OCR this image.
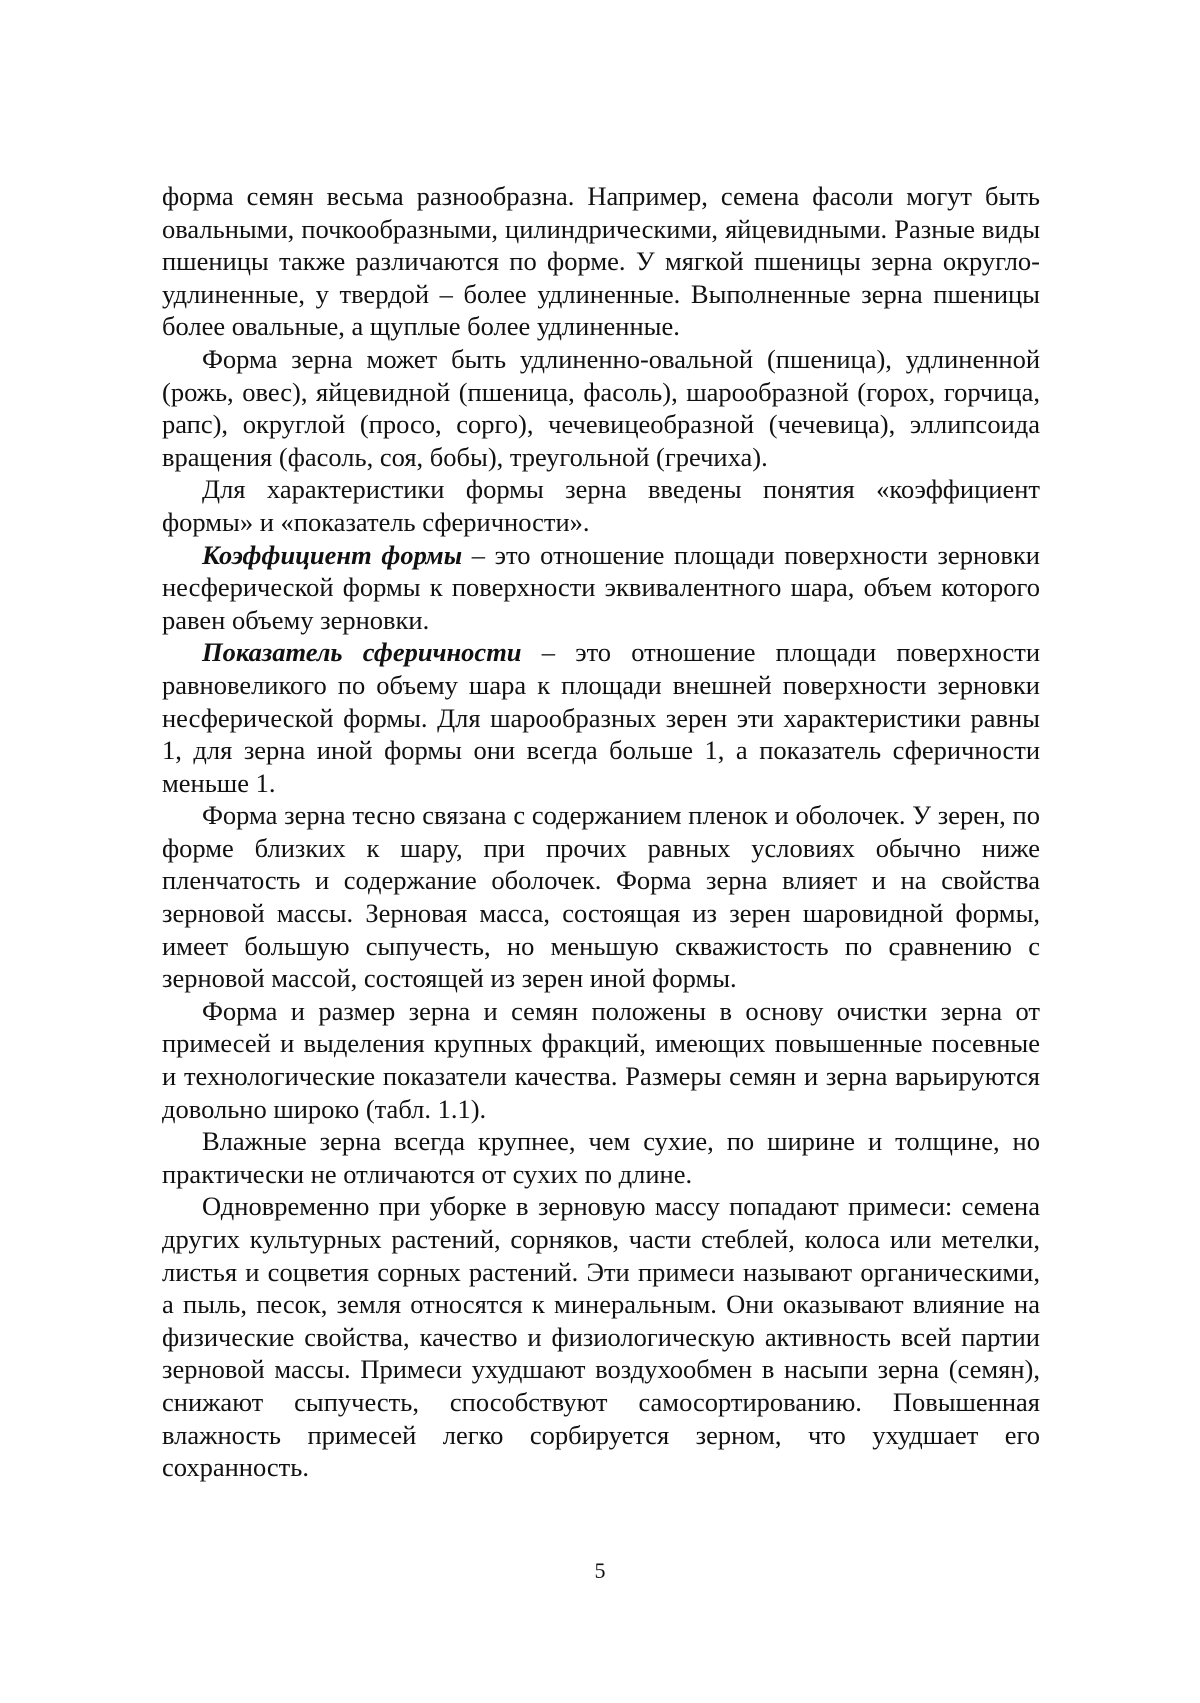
форма семян весьма разнообразна. Например, семена фасоли могут быть овальными, почкообразными, цилиндрическими, яйцевидными. Разные виды пшеницы также различаются по форме. У мягкой пшеницы зерна округло-удлиненные, у твердой – более удлиненные. Выполненные зерна пшеницы более овальные, а щуплые более удлиненные.

Форма зерна может быть удлиненно-овальной (пшеница), удлиненной (рожь, овес), яйцевидной (пшеница, фасоль), шарообразной (горох, горчица, рапс), округлой (просо, сорго), чечевицеобразной (чечевица), эллипсоида вращения (фасоль, соя, бобы), треугольной (гречиха).

Для характеристики формы зерна введены понятия «коэффициент формы» и «показатель сферичности».

Коэффициент формы – это отношение площади поверхности зерновки несферической формы к поверхности эквивалентного шара, объем которого равен объему зерновки.

Показатель сферичности – это отношение площади поверхности равновеликого по объему шара к площади внешней поверхности зерновки несферической формы. Для шарообразных зерен эти характеристики равны 1, для зерна иной формы они всегда больше 1, а показатель сферичности меньше 1.

Форма зерна тесно связана с содержанием пленок и оболочек. У зерен, по форме близких к шару, при прочих равных условиях обычно ниже пленчатость и содержание оболочек. Форма зерна влияет и на свойства зерновой массы. Зерновая масса, состоящая из зерен шаровидной формы, имеет большую сыпучесть, но меньшую скважистость по сравнению с зерновой массой, состоящей из зерен иной формы.

Форма и размер зерна и семян положены в основу очистки зерна от примесей и выделения крупных фракций, имеющих повышенные посевные и технологические показатели качества. Размеры семян и зерна варьируются довольно широко (табл. 1.1).

Влажные зерна всегда крупнее, чем сухие, по ширине и толщине, но практически не отличаются от сухих по длине.

Одновременно при уборке в зерновую массу попадают примеси: семена других культурных растений, сорняков, части стеблей, колоса или метелки, листья и соцветия сорных растений. Эти примеси называют органическими, а пыль, песок, земля относятся к минеральным. Они оказывают влияние на физические свойства, качество и физиологическую активность всей партии зерновой массы. Примеси ухудшают воздухообмен в насыпи зерна (семян), снижают сыпучесть, способствуют самосортированию. Повышенная влажность примесей легко сорбируется зерном, что ухудшает его сохранность.

5
